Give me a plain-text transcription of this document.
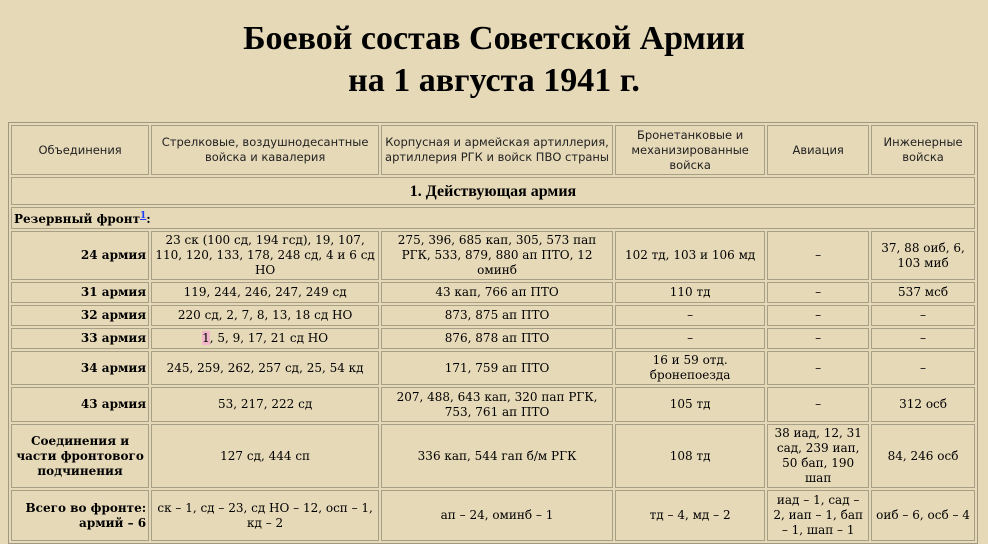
Боевой состав Советской Армии
на 1 августа 1941 г.
Объединения	Стрелковые, воздушнодесантные войска и кавалерия	Корпусная и армейская артиллерия, артиллерия РГК и войск ПВО страны	Бронетанковые и механизированные войска	Авиация	Инженерные войска
1. Действующая армия					
Резервный фронт$^1$:					
24 армия	23 ск (100 сд, 194 гсд), 19, 107, 110, 120, 133, 178, 248 сд, 4 и 6 сд НО	275, 396, 685 кап, 305, 573 пап РГК, 533, 879, 880 ап ПТО, 12 оминб	102 тд, 103 и 106 мд	–	37, 88 оиб, 6, 103 миб
31 армия	119, 244, 246, 247, 249 сд	43 кап, 766 ап ПТО	110 тд	–	537 мсб
32 армия	220 сд, 2, 7, 8, 13, 18 сд НО	873, 875 ап ПТО	–	–	–
33 армия	1, 5, 9, 17, 21 сд НО	876, 878 ап ПТО	–	–	–
34 армия	245, 259, 262, 257 сд, 25, 54 кд	171, 759 ап ПТО	16 и 59 отд. бронепоезда	–	–
43 армия	53, 217, 222 сд	207, 488, 643 кап, 320 пап РГК, 753, 761 ап ПТО	105 тд	–	312 осб
Соединения и части фронтового подчинения	127 сд, 444 сп	336 кап, 544 гап б/м РГК	108 тд	38 иад, 12, 31 сад, 239 иап, 50 бап, 190 шап	84, 246 осб
Всего во фронте: армий – 6	ск – 1, сд – 23, сд НО – 12, осп – 1, кд – 2	ап – 24, оминб – 1	тд – 4, мд – 2	иад – 1, сад – 2, иап – 1, бап – 1, шап – 1	оиб – 6, осб – 4
